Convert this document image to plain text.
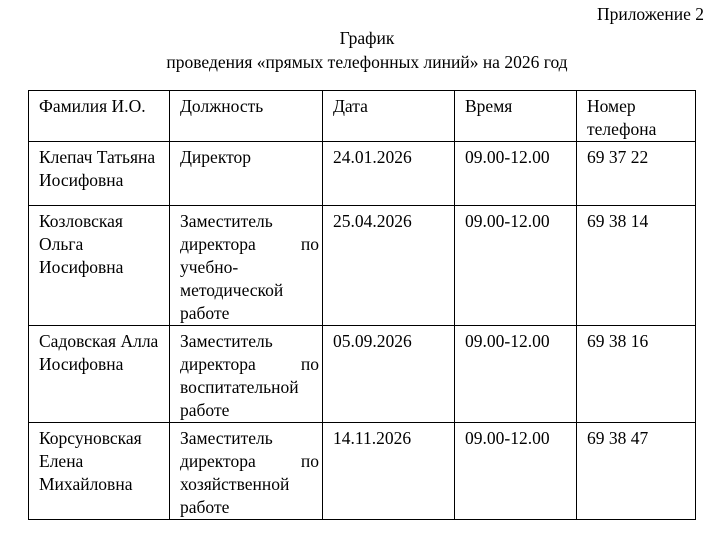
Приложение 2
График
проведения «прямых телефонных линий» на 2026 год
Фамилия И.О.	Должность	Дата	Время	Номер телефона
Клепач Татьяна Иосифовна	Директор	24.01.2026	09.00-12.00	69 37 22
Козловская Ольга Иосифовна	Заместитель директора по учебно-методической работе	25.04.2026	09.00-12.00	69 38 14
Садовская Алла Иосифовна	Заместитель директора по воспитательной работе	05.09.2026	09.00-12.00	69 38 16
Корсуновская Елена Михайловна	Заместитель директора по хозяйственной работе	14.11.2026	09.00-12.00	69 38 47
